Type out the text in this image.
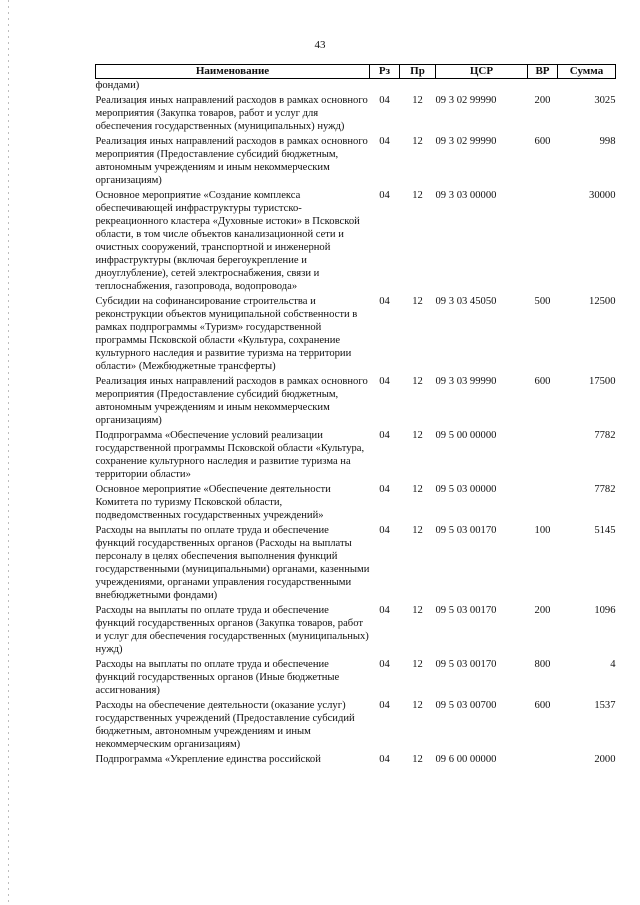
43
Наименование	Рз	Пр	ЦСР	ВР	Сумма
фондами)					
Реализация иных направлений расходов в рамках основного мероприятия (Закупка товаров, работ и услуг для обеспечения государственных (муниципальных) нужд)	04	12	09 3 02 99990	200	3025
Реализация иных направлений расходов в рамках основного мероприятия (Предоставление субсидий бюджетным, автономным учреждениям и иным некоммерческим организациям)	04	12	09 3 02 99990	600	998
Основное мероприятие «Создание комплекса обеспечивающей инфраструктуры туристско-рекреационного кластера «Духовные истоки» в Псковской области, в том числе объектов канализационной сети и очистных сооружений, транспортной и инженерной инфраструктуры (включая берегоукрепление и дноуглубление), сетей электроснабжения, связи и теплоснабжения, газопровода, водопровода»	04	12	09 3 03 00000		30000
Субсидии на софинансирование строительства и реконструкции объектов муниципальной собственности в рамках подпрограммы «Туризм» государственной программы Псковской области «Культура, сохранение культурного наследия и развитие туризма на территории области» (Межбюджетные трансферты)	04	12	09 3 03 45050	500	12500
Реализация иных направлений расходов в рамках основного мероприятия (Предоставление субсидий бюджетным, автономным учреждениям и иным некоммерческим организациям)	04	12	09 3 03 99990	600	17500
Подпрограмма «Обеспечение условий реализации государственной программы Псковской области «Культура, сохранение культурного наследия и развитие туризма на территории области»	04	12	09 5 00 00000		7782
Основное мероприятие «Обеспечение деятельности Комитета по туризму Псковской области, подведомственных государственных учреждений»	04	12	09 5 03 00000		7782
Расходы на выплаты по оплате труда и обеспечение функций государственных органов (Расходы на выплаты персоналу в целях обеспечения выполнения функций государственными (муниципальными) органами, казенными учреждениями, органами управления государственными внебюджетными фондами)	04	12	09 5 03 00170	100	5145
Расходы на выплаты по оплате труда и обеспечение функций государственных органов (Закупка товаров, работ и услуг для обеспечения государственных (муниципальных) нужд)	04	12	09 5 03 00170	200	1096
Расходы на выплаты по оплате труда и обеспечение функций государственных органов (Иные бюджетные ассигнования)	04	12	09 5 03 00170	800	4
Расходы на обеспечение деятельности (оказание услуг) государственных учреждений (Предоставление субсидий бюджетным, автономным учреждениям и иным некоммерческим организациям)	04	12	09 5 03 00700	600	1537
Подпрограмма «Укрепление единства российской	04	12	09 6 00 00000		2000
